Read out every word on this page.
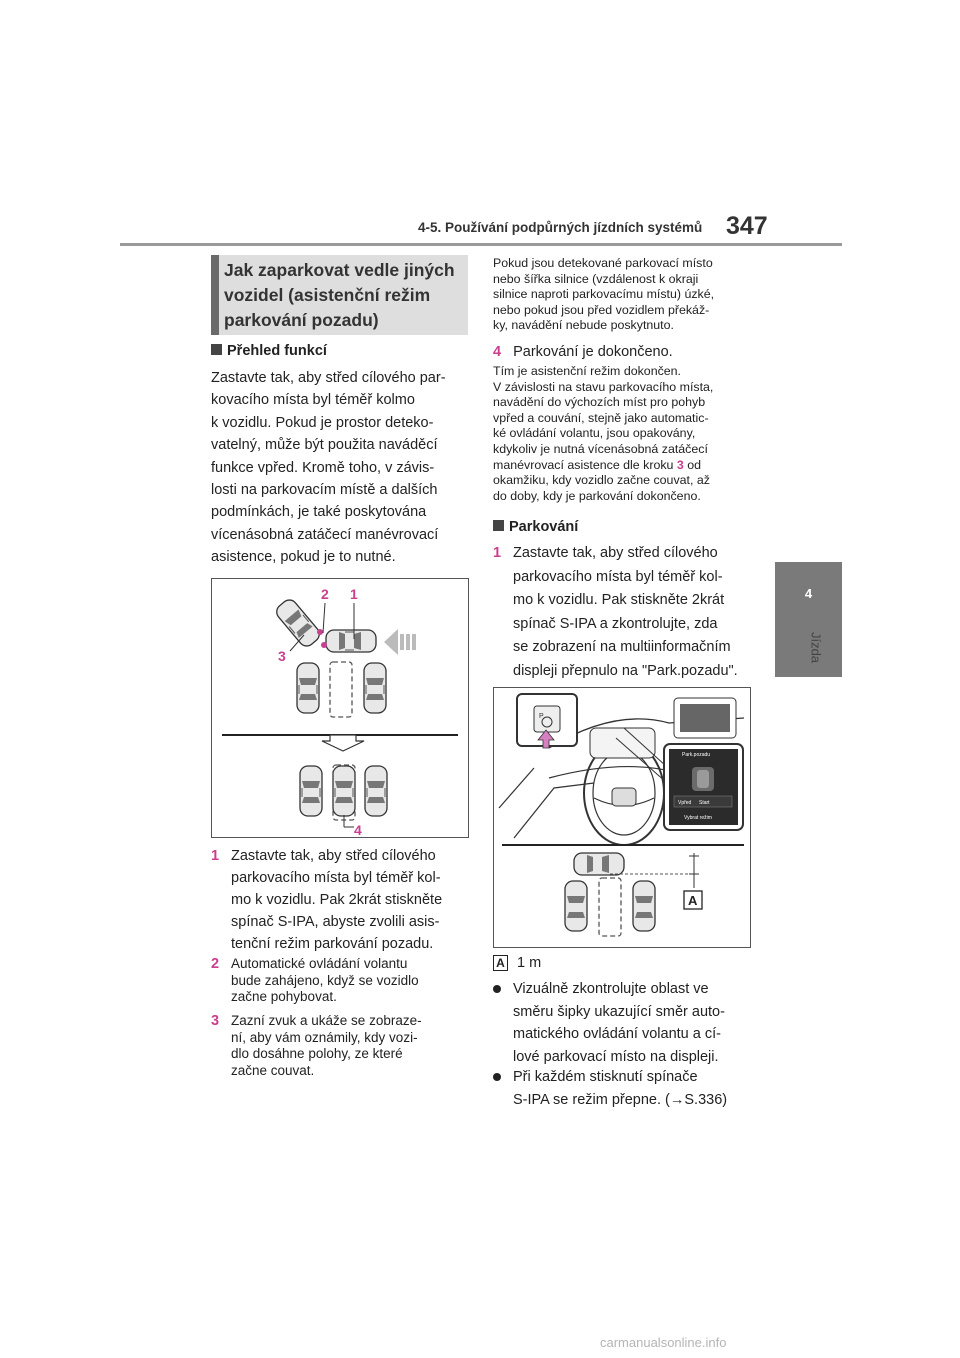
4-5. Používání podpůrných jízdních systémů 347
4
Jízda
Jak zaparkovat vedle jiných vozidel (asistenční režim parkování pozadu)
Přehled funkcí
Zastavte tak, aby střed cílového par-
kovacího místa byl téměř kolmo
k vozidlu. Pokud je prostor deteko-
vatelný, může být použita naváděcí
funkce vpřed. Kromě toho, v závis-
losti na parkovacím místě a dalších
podmínkách, je také poskytována
vícenásobná zatáčecí manévrovací
asistence, pokud je to nutné.
2 1
3
4
1 Zastavte tak, aby střed cílového
parkovacího místa byl téměř kol-
mo k vozidlu. Pak 2krát stiskněte
spínač S-IPA, abyste zvolili asis-
tenční režim parkování pozadu.
2 Automatické ovládání volantu
bude zahájeno, když se vozidlo
začne pohybovat.
3 Zazní zvuk a ukáže se zobraze-
ní, aby vám oznámily, kdy vozi-
dlo dosáhne polohy, ze které
začne couvat.
Pokud jsou detekované parkovací místo
nebo šířka silnice (vzdálenost k okraji
silnice naproti parkovacímu místu) úzké,
nebo pokud jsou před vozidlem překáž-
ky, navádění nebude poskytnuto.
4 Parkování je dokončeno.
Tím je asistenční režim dokončen.
V závislosti na stavu parkovacího místa,
navádění do výchozích míst pro pohyb
vpřed a couvání, stejně jako automatic-
ké ovládání volantu, jsou opakovány,
kdykoliv je nutná vícenásobná zatáčecí
manévrovací asistence dle kroku 3 od
okamžiku, kdy vozidlo začne couvat, až
do doby, kdy je parkování dokončeno.
Parkování
1 Zastavte tak, aby střed cílového
parkovacího místa byl téměř kol-
mo k vozidlu. Pak stiskněte 2krát
spínač S-IPA a zkontrolujte, zda
se zobrazení na multiinformačním
displeji přepnulo na "Park.pozadu".
P
Park.pozadu
Vpřed Start
Vybrat režim
A
A 1 m
Vizuálně zkontrolujte oblast ve
směru šipky ukazující směr auto-
matického ovládání volantu a cí-
lové parkovací místo na displeji.
Při každém stisknutí spínače
S-IPA se režim přepne. (→S.336)
carmanualsonline.info
